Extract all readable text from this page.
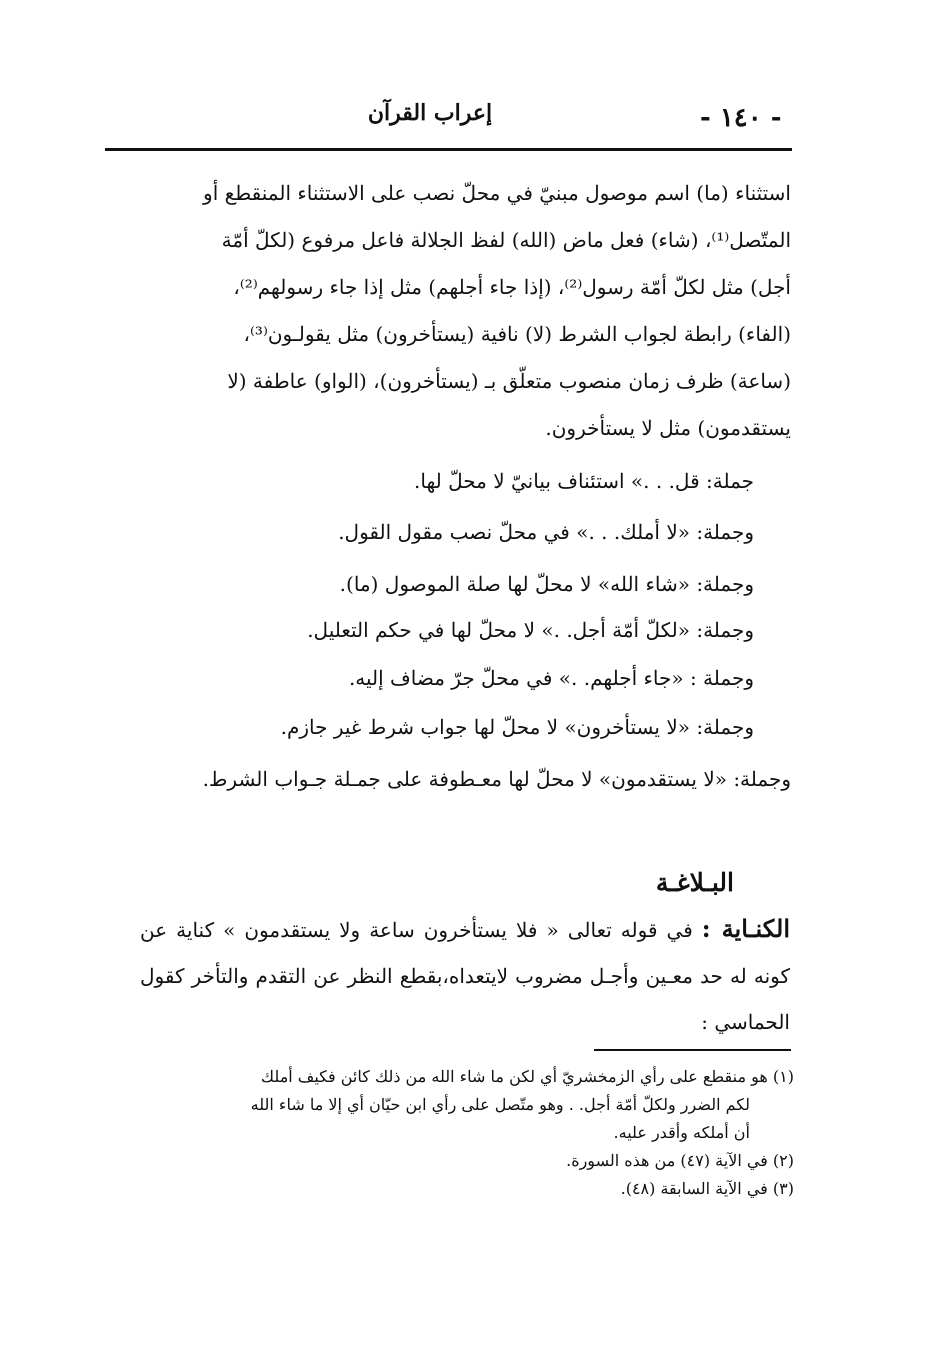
- ١٤٠ -
إعراب القرآن
استثناء (ما) اسم موصول مبنيّ في محلّ نصب على الاستثناء المنقطع أو
المتّصل⁽¹⁾، (شاء) فعل ماض (الله) لفظ الجلالة فاعل مرفوع (لكلّ أمّة
أجل) مثل لكلّ أمّة رسول⁽²⁾، (إذا جاء أجلهم) مثل إذا جاء رسولهم⁽²⁾،
(الفاء) رابطة لجواب الشرط (لا) نافية (يستأخرون) مثل يقولـون⁽³⁾،
(ساعة) ظرف زمان منصوب متعلّق بـ (يستأخرون)، (الواو) عاطفة (لا
يستقدمون) مثل لا يستأخرون.
جملة: قل. . .» استئناف بيانيّ لا محلّ لها.
وجملة: «لا أملك. . .» في محلّ نصب مقول القول.
وجملة: «شاء الله» لا محلّ لها صلة الموصول (ما).
وجملة: «لكلّ أمّة أجل. .» لا محلّ لها في حكم التعليل.
وجملة : «جاء أجلهم. .» في محلّ جرّ مضاف إليه.
وجملة: «لا يستأخرون» لا محلّ لها جواب شرط غير جازم.
وجملة: «لا يستقدمون» لا محلّ لها معـطوفة على جمـلة جـواب الشرط.
البـلاغـة
الكنـاية : في قوله تعالى « فلا يستأخرون ساعة ولا يستقدمون » كناية عن كونه له حد معـين وأجـل مضروب لايتعداه،بقطع النظر عن التقدم والتأخر كقول الحماسي :
(١) هو منقطع على رأي الزمخشريّ أي لكن ما شاء الله من ذلك كائن فكيف أملك
لكم الضرر ولكلّ أمّة أجل. . وهو متّصل على رأي ابن حيّان أي إلا ما شاء الله
أن أملكه وأقدر عليه.
(٢) في الآية (٤٧) من هذه السورة.
(٣) في الآية السابقة (٤٨).
